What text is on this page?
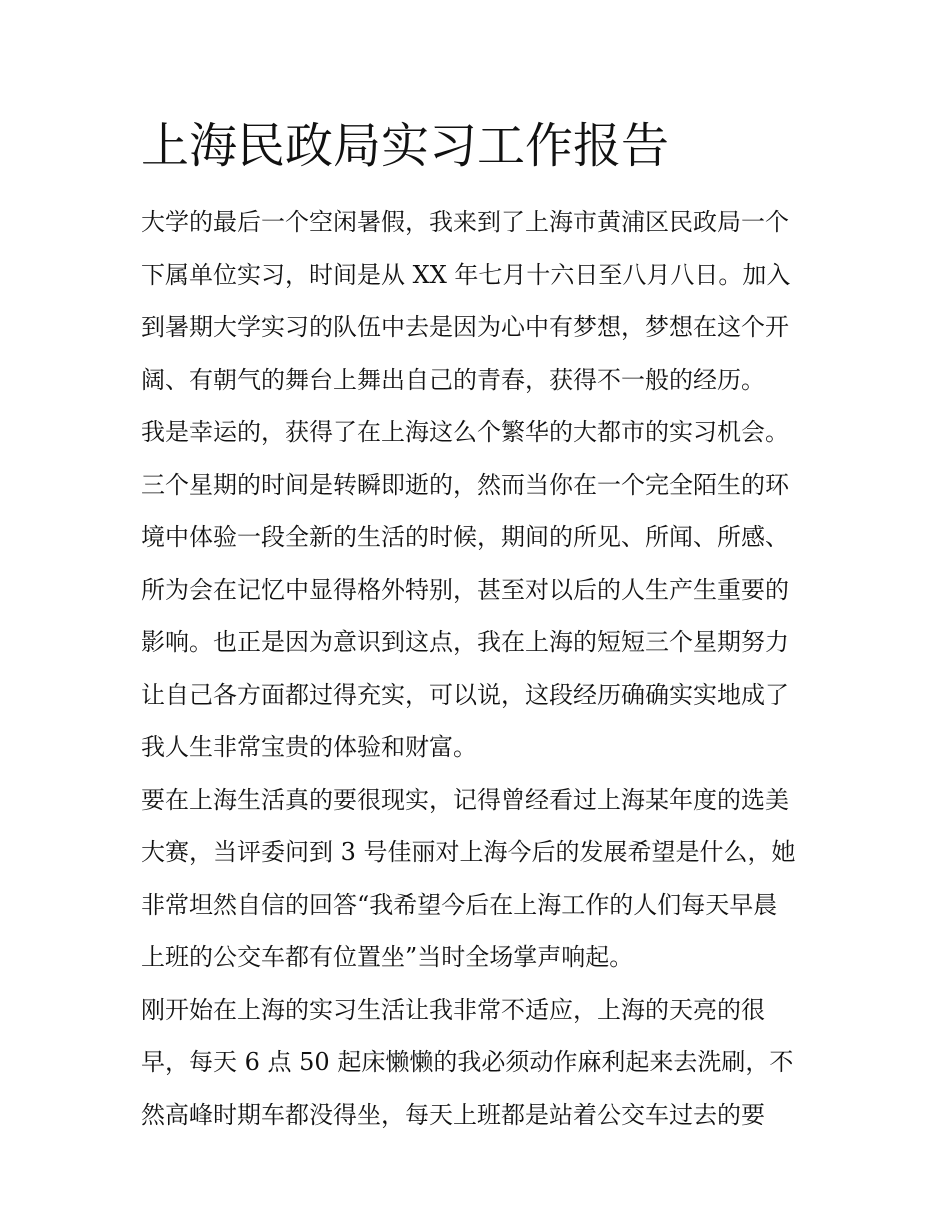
上海民政局实习工作报告
大学的最后一个空闲暑假，我来到了上海市黄浦区民政局一个
下属单位实习，时间是从 XX 年七月十六日至八月八日。加入
到暑期大学实习的队伍中去是因为心中有梦想，梦想在这个开
阔、有朝气的舞台上舞出自己的青春，获得不一般的经历。
我是幸运的，获得了在上海这么个繁华的大都市的实习机会。
三个星期的时间是转瞬即逝的，然而当你在一个完全陌生的环
境中体验一段全新的生活的时候，期间的所见、所闻、所感、
所为会在记忆中显得格外特别，甚至对以后的人生产生重要的
影响。也正是因为意识到这点，我在上海的短短三个星期努力
让自己各方面都过得充实，可以说，这段经历确确实实地成了
我人生非常宝贵的体验和财富。
要在上海生活真的要很现实，记得曾经看过上海某年度的选美
大赛，当评委问到 3 号佳丽对上海今后的发展希望是什么，她
非常坦然自信的回答“我希望今后在上海工作的人们每天早晨
上班的公交车都有位置坐”当时全场掌声响起。
刚开始在上海的实习生活让我非常不适应，上海的天亮的很
早，每天 6 点 50 起床懒懒的我必须动作麻利起来去洗刷，不
然高峰时期车都没得坐，每天上班都是站着公交车过去的要
